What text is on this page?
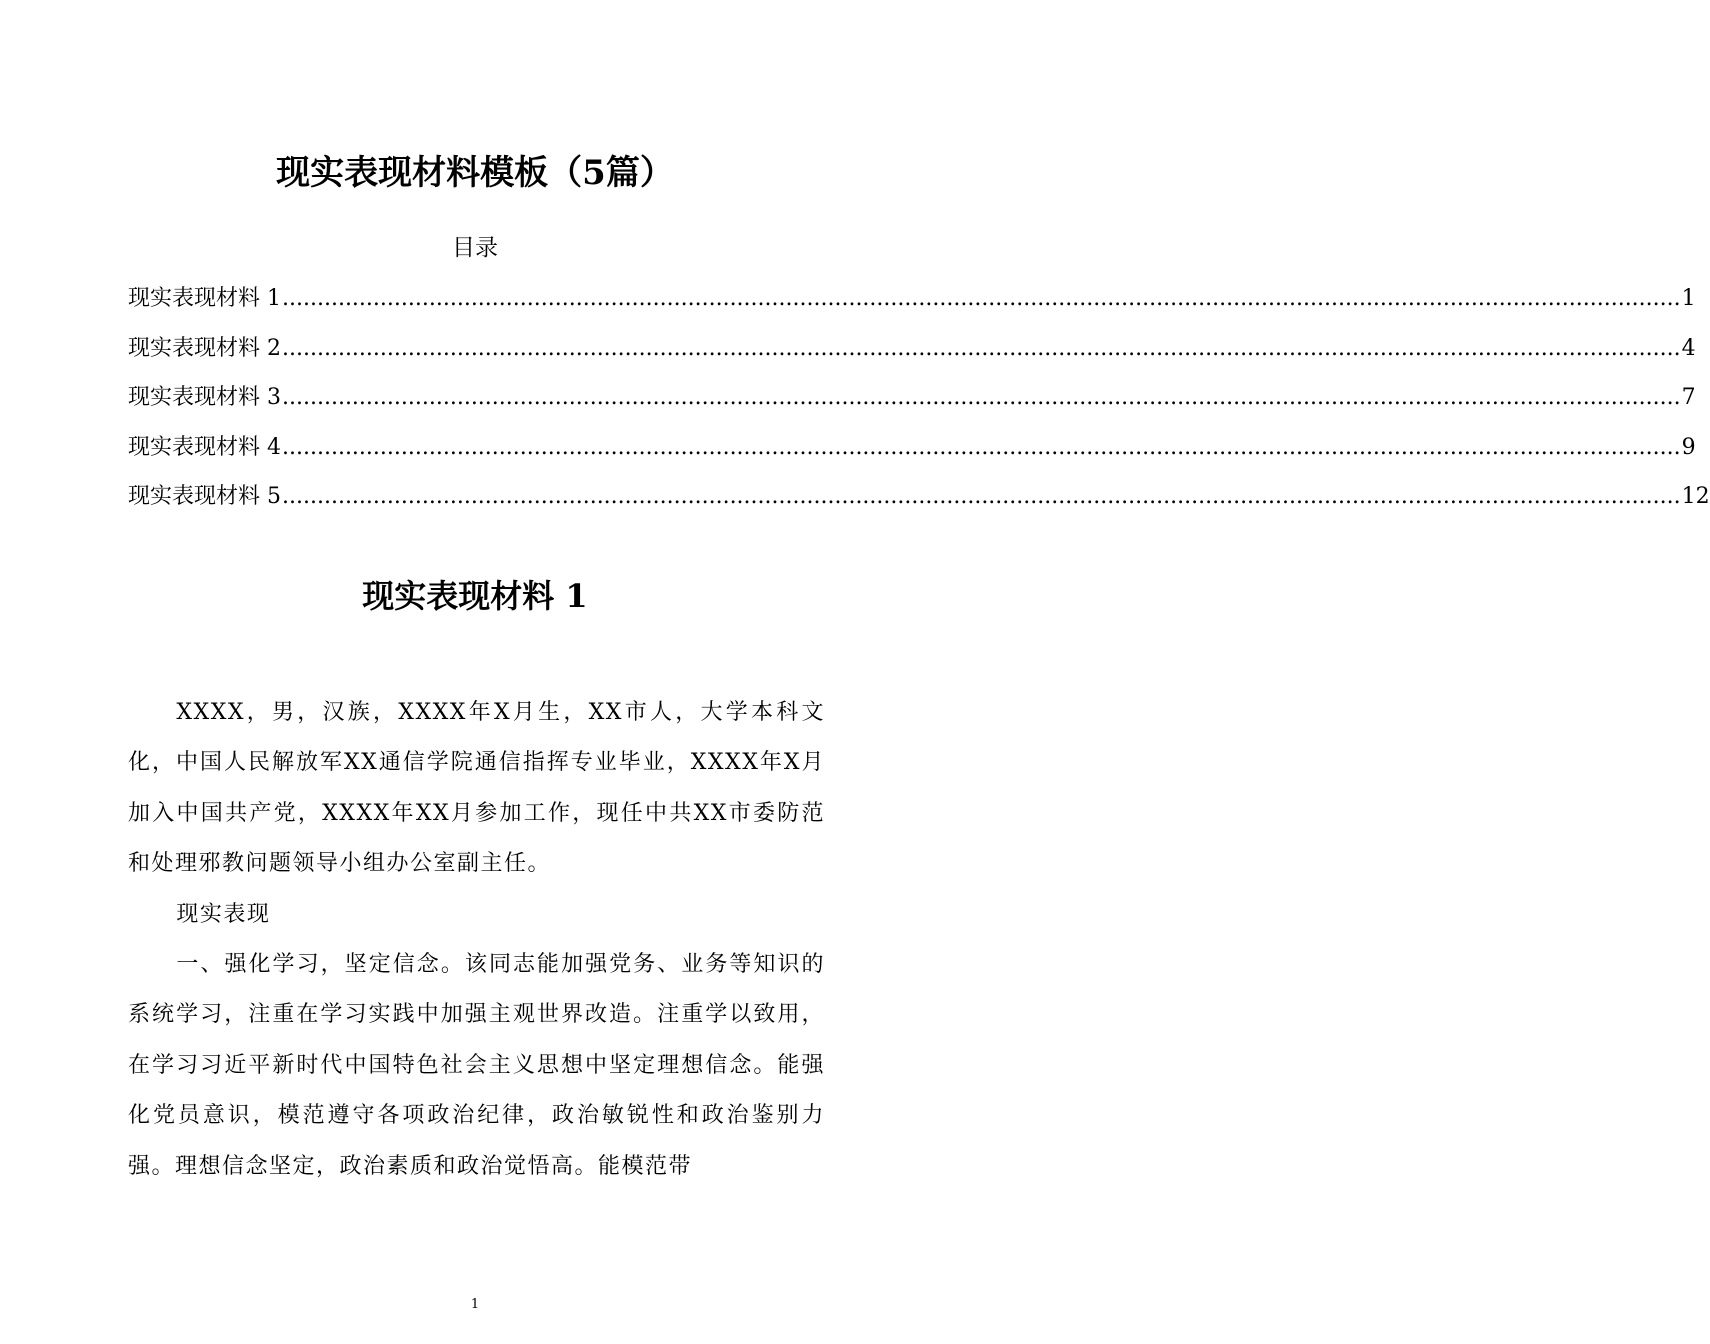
现实表现材料模板（5篇）
目录
现实表现材料 1 ........................................................................................................................................................................................................ 1
现实表现材料 2 ........................................................................................................................................................................................................ 4
现实表现材料 3 ........................................................................................................................................................................................................ 7
现实表现材料 4 ........................................................................................................................................................................................................ 9
现实表现材料 5 ........................................................................................................................................................................................................ 12
现实表现材料 1

XXXX，男，汉族，XXXX年X月生，XX市人，大学本科文化，中国人民解放军XX通信学院通信指挥专业毕业，XXXX年X月加入中国共产党，XXXX年XX月参加工作，现任中共XX市委防范和处理邪教问题领导小组办公室副主任。

现实表现

一、强化学习，坚定信念。该同志能加强党务、业务等知识的系统学习，注重在学习实践中加强主观世界改造。注重学以致用，在学习习近平新时代中国特色社会主义思想中坚定理想信念。能强化党员意识，模范遵守各项政治纪律，政治敏锐性和政治鉴别力强。理想信念坚定，政治素质和政治觉悟高。能模范带

1
